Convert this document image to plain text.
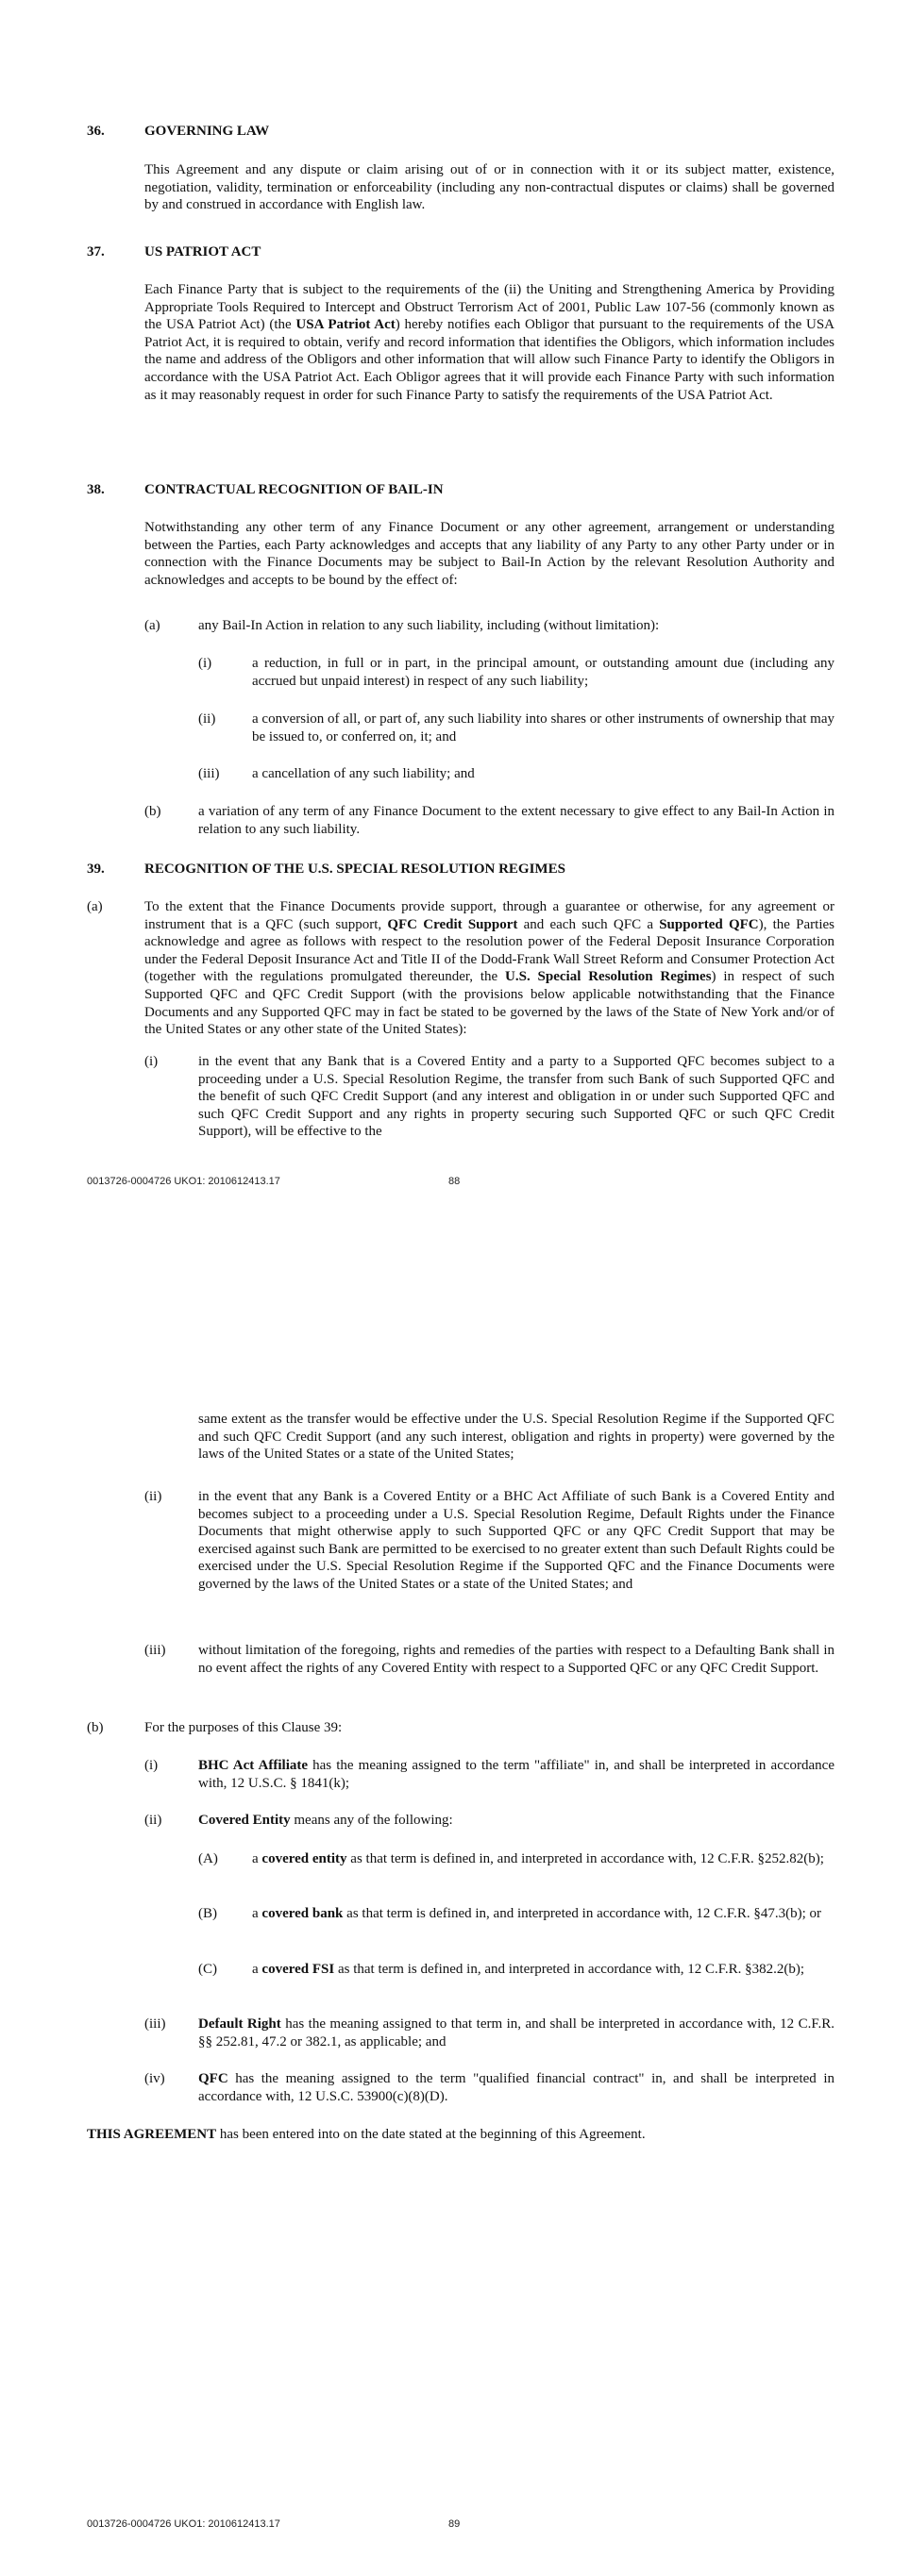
36.	GOVERNING LAW
This Agreement and any dispute or claim arising out of or in connection with it or its subject matter, existence, negotiation, validity, termination or enforceability (including any non-contractual disputes or claims) shall be governed by and construed in accordance with English law.
37.	US PATRIOT ACT
Each Finance Party that is subject to the requirements of the (ii) the Uniting and Strengthening America by Providing Appropriate Tools Required to Intercept and Obstruct Terrorism Act of 2001, Public Law 107-56 (commonly known as the USA Patriot Act) (the USA Patriot Act) hereby notifies each Obligor that pursuant to the requirements of the USA Patriot Act, it is required to obtain, verify and record information that identifies the Obligors, which information includes the name and address of the Obligors and other information that will allow such Finance Party to identify the Obligors in accordance with the USA Patriot Act. Each Obligor agrees that it will provide each Finance Party with such information as it may reasonably request in order for such Finance Party to satisfy the requirements of the USA Patriot Act.
38.	CONTRACTUAL RECOGNITION OF BAIL-IN
Notwithstanding any other term of any Finance Document or any other agreement, arrangement or understanding between the Parties, each Party acknowledges and accepts that any liability of any Party to any other Party under or in connection with the Finance Documents may be subject to Bail-In Action by the relevant Resolution Authority and acknowledges and accepts to be bound by the effect of:
(a)	any Bail-In Action in relation to any such liability, including (without limitation):
(i)	a reduction, in full or in part, in the principal amount, or outstanding amount due (including any accrued but unpaid interest) in respect of any such liability;
(ii)	a conversion of all, or part of, any such liability into shares or other instruments of ownership that may be issued to, or conferred on, it; and
(iii) a cancellation of any such liability; and
(b)	a variation of any term of any Finance Document to the extent necessary to give effect to any Bail-In Action in relation to any such liability.
39.	RECOGNITION OF THE U.S. SPECIAL RESOLUTION REGIMES
(a)	To the extent that the Finance Documents provide support, through a guarantee or otherwise, for any agreement or instrument that is a QFC (such support, QFC Credit Support and each such QFC a Supported QFC), the Parties acknowledge and agree as follows with respect to the resolution power of the Federal Deposit Insurance Corporation under the Federal Deposit Insurance Act and Title II of the Dodd-Frank Wall Street Reform and Consumer Protection Act (together with the regulations promulgated thereunder, the U.S. Special Resolution Regimes) in respect of such Supported QFC and QFC Credit Support (with the provisions below applicable notwithstanding that the Finance Documents and any Supported QFC may in fact be stated to be governed by the laws of the State of New York and/or of the United States or any other state of the United States):
(i)	in the event that any Bank that is a Covered Entity and a party to a Supported QFC becomes subject to a proceeding under a U.S. Special Resolution Regime, the transfer from such Bank of such Supported QFC and the benefit of such QFC Credit Support (and any interest and obligation in or under such Supported QFC and such QFC Credit Support and any rights in property securing such Supported QFC or such QFC Credit Support), will be effective to the
0013726-0004726 UKO1: 2010612413.17	88
same extent as the transfer would be effective under the U.S. Special Resolution Regime if the Supported QFC and such QFC Credit Support (and any such interest, obligation and rights in property) were governed by the laws of the United States or a state of the United States;
(ii)	in the event that any Bank is a Covered Entity or a BHC Act Affiliate of such Bank is a Covered Entity and becomes subject to a proceeding under a U.S. Special Resolution Regime, Default Rights under the Finance Documents that might otherwise apply to such Supported QFC or any QFC Credit Support that may be exercised against such Bank are permitted to be exercised to no greater extent than such Default Rights could be exercised under the U.S. Special Resolution Regime if the Supported QFC and the Finance Documents were governed by the laws of the United States or a state of the United States; and
(iii) without limitation of the foregoing, rights and remedies of the parties with respect to a Defaulting Bank shall in no event affect the rights of any Covered Entity with respect to a Supported QFC or any QFC Credit Support.
(b)	For the purposes of this Clause 39:
(i)	BHC Act Affiliate has the meaning assigned to the term "affiliate" in, and shall be interpreted in accordance with, 12 U.S.C. § 1841(k);
(ii)	Covered Entity means any of the following:
(A) a covered entity as that term is defined in, and interpreted in accordance with, 12 C.F.R. §252.82(b);
(B) a covered bank as that term is defined in, and interpreted in accordance with, 12 C.F.R. §47.3(b); or
(C) a covered FSI as that term is defined in, and interpreted in accordance with, 12 C.F.R. §382.2(b);
(iii) Default Right has the meaning assigned to that term in, and shall be interpreted in accordance with, 12 C.F.R. §§ 252.81, 47.2 or 382.1, as applicable; and
(iv) QFC has the meaning assigned to the term "qualified financial contract" in, and shall be interpreted in accordance with, 12 U.S.C. 53900(c)(8)(D).
THIS AGREEMENT has been entered into on the date stated at the beginning of this Agreement.
0013726-0004726 UKO1: 2010612413.17	89
